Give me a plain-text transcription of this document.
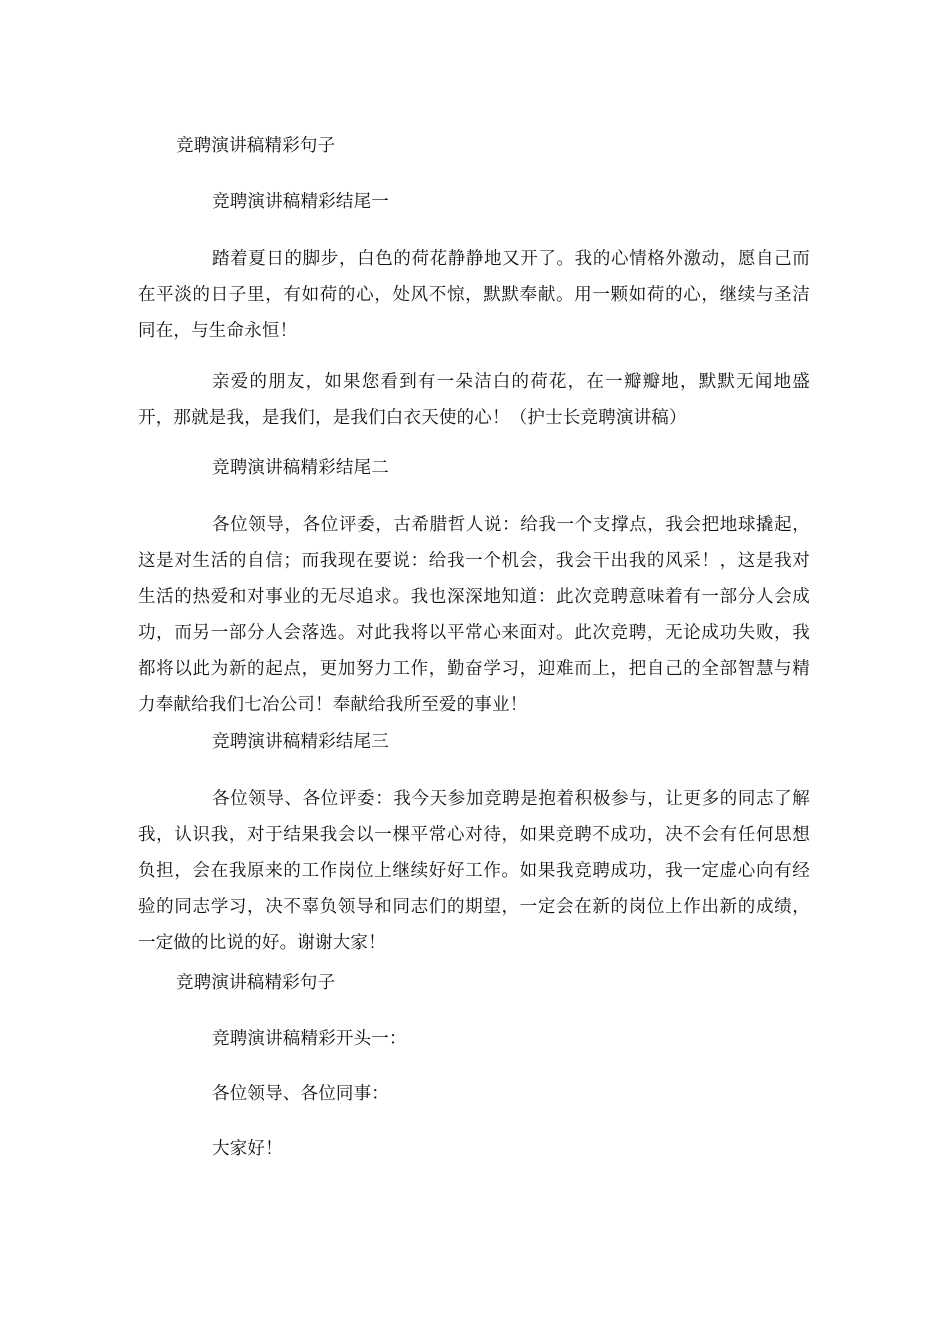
竞聘演讲稿精彩句子
竞聘演讲稿精彩结尾一
踏着夏日的脚步，白色的荷花静静地又开了。我的心情格外激动，愿自己而在平淡的日子里，有如荷的心，处风不惊，默默奉献。用一颗如荷的心，继续与圣洁同在，与生命永恒！
亲爱的朋友，如果您看到有一朵洁白的荷花，在一瓣瓣地，默默无闻地盛开，那就是我，是我们，是我们白衣天使的心！（护士长竞聘演讲稿）
竞聘演讲稿精彩结尾二
各位领导，各位评委，古希腊哲人说：给我一个支撑点，我会把地球撬起，这是对生活的自信；而我现在要说：给我一个机会，我会干出我的风采！，这是我对生活的热爱和对事业的无尽追求。我也深深地知道：此次竞聘意味着有一部分人会成功，而另一部分人会落选。对此我将以平常心来面对。此次竞聘，无论成功失败，我都将以此为新的起点，更加努力工作，勤奋学习，迎难而上，把自己的全部智慧与精力奉献给我们七冶公司！奉献给我所至爱的事业！
竞聘演讲稿精彩结尾三
各位领导、各位评委：我今天参加竞聘是抱着积极参与，让更多的同志了解我，认识我，对于结果我会以一棵平常心对待，如果竞聘不成功，决不会有任何思想负担，会在我原来的工作岗位上继续好好工作。如果我竞聘成功，我一定虚心向有经验的同志学习，决不辜负领导和同志们的期望，一定会在新的岗位上作出新的成绩，一定做的比说的好。谢谢大家！
竞聘演讲稿精彩句子
竞聘演讲稿精彩开头一：
各位领导、各位同事：
大家好！
